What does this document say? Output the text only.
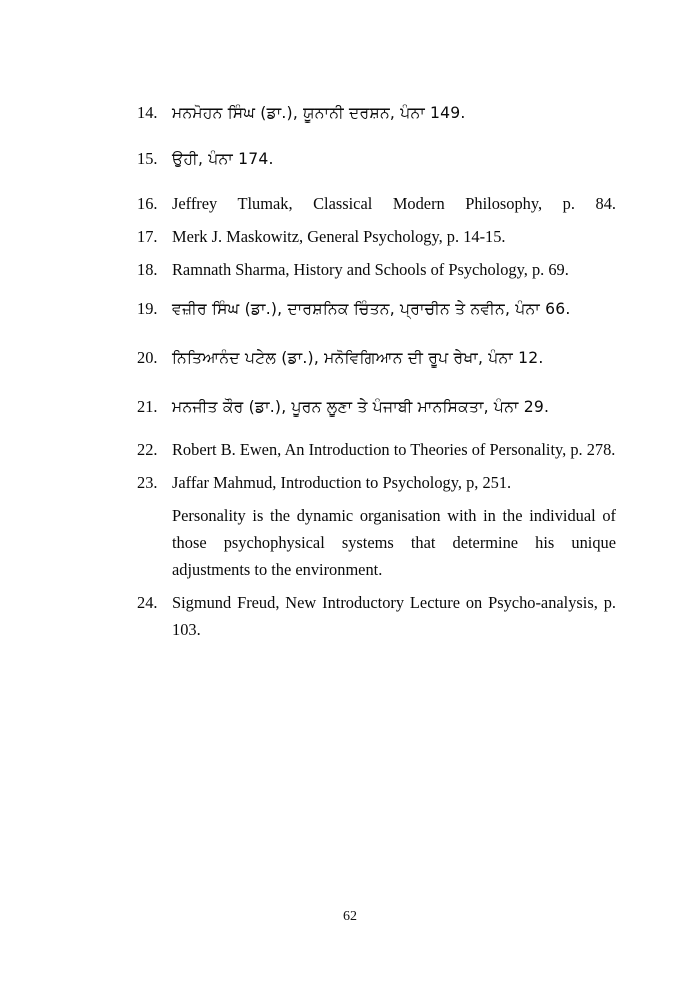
14. ਮਨਮੋਹਨ ਸਿੰਘ (ਡਾ.), ਯੂਨਾਨੀ ਦਰਸ਼ਨ, ਪੰਨਾ 149.
15. ਉਹੀ, ਪੰਨਾ 174.
16. Jeffrey Tlumak, Classical Modern Philosophy, p. 84.
17. Merk J. Maskowitz, General Psychology, p. 14-15.
18. Ramnath Sharma, History and Schools of Psychology, p. 69.
19. ਵਜ਼ੀਰ ਸਿੰਘ (ਡਾ.), ਦਾਰਸ਼ਨਿਕ ਚਿੰਤਨ, ਪ੍ਰਾਚੀਨ ਤੇ ਨਵੀਨ, ਪੰਨਾ 66.
20. ਨਿਤਿਆਨੰਦ ਪਟੇਲ (ਡਾ.), ਮਨੋਵਿਗਿਆਨ ਦੀ ਰੂਪ ਰੇਖਾ, ਪੰਨਾ 12.
21. ਮਨਜੀਤ ਕੌਰ (ਡਾ.), ਪੂਰਨ ਲੂਣਾ ਤੇ ਪੰਜਾਬੀ ਮਾਨਸਿਕਤਾ, ਪੰਨਾ 29.
22. Robert B. Ewen, An Introduction to Theories of Personality, p. 278.
23. Jaffar Mahmud, Introduction to Psychology, p, 251.
Personality is the dynamic organisation with in the individual of those psychophysical systems that determine his unique adjustments to the environment.
24. Sigmund Freud, New Introductory Lecture on Psycho-analysis, p. 103.
62
